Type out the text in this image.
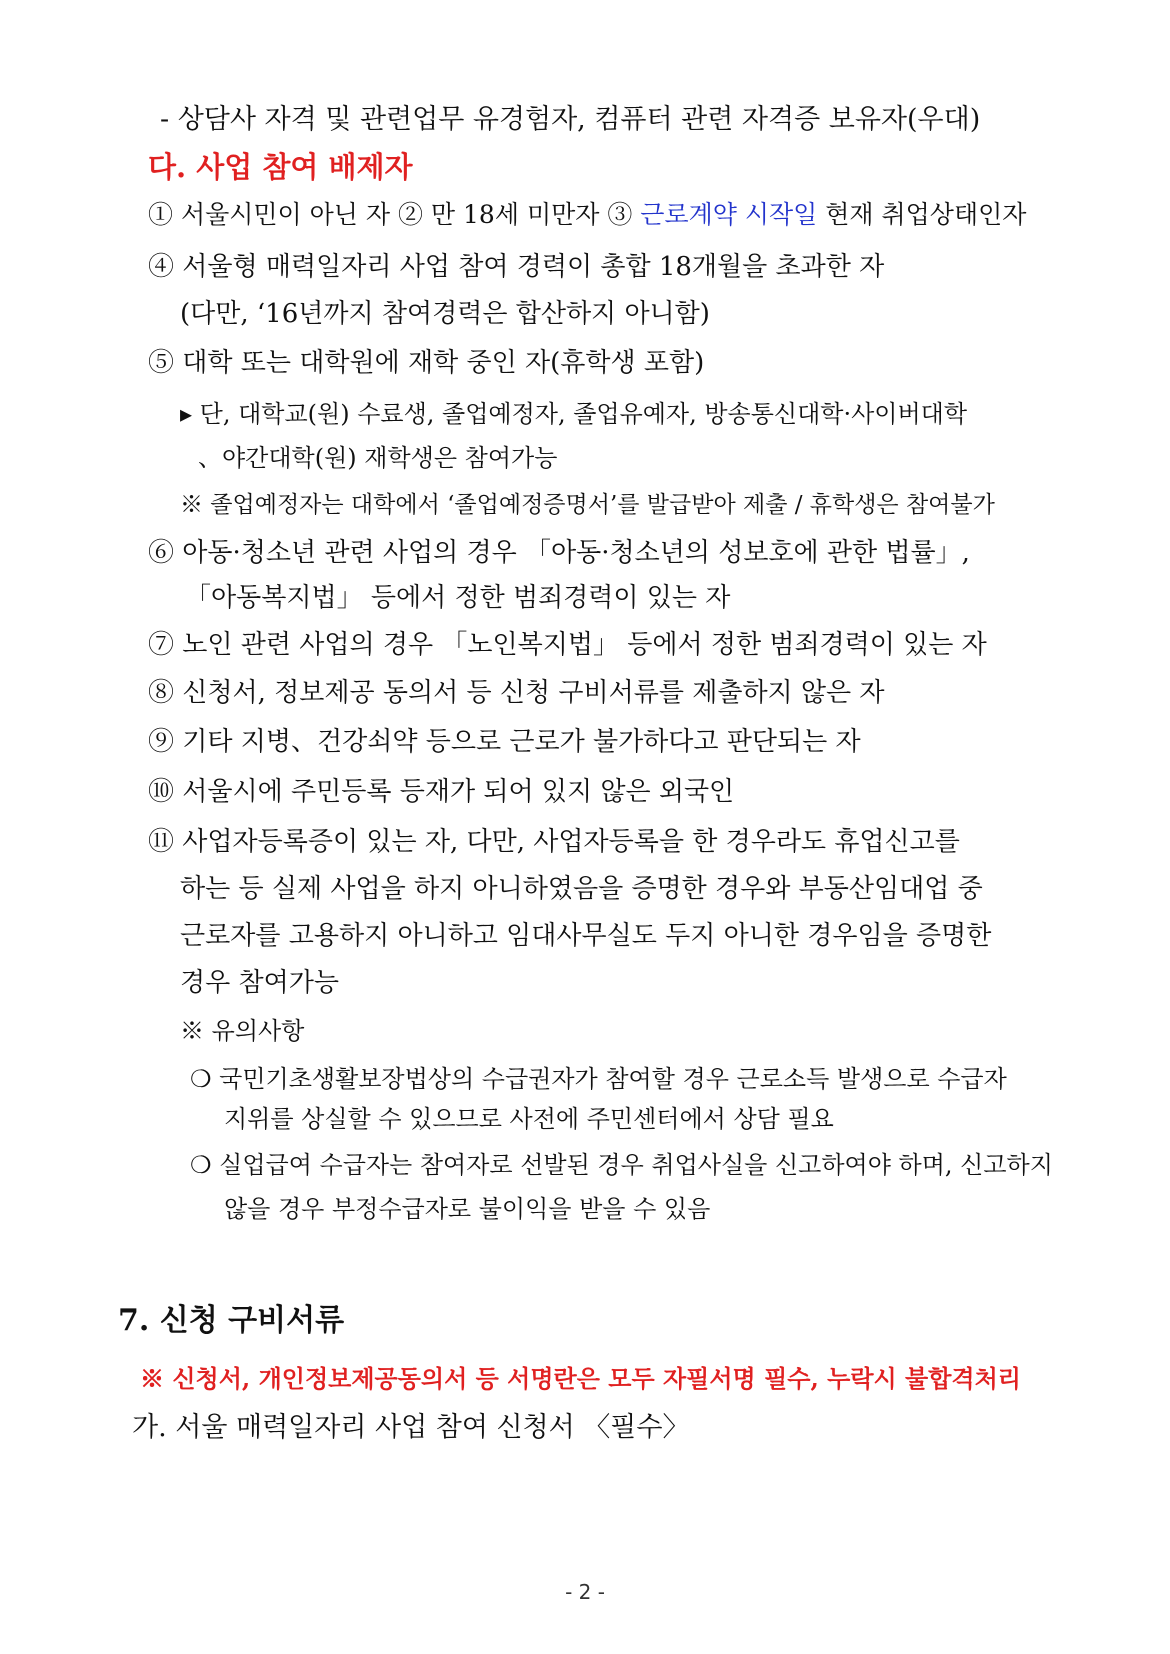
- 상담사 자격 및 관련업무 유경험자, 컴퓨터 관련 자격증 보유자(우대)
다. 사업 참여 배제자
① 서울시민이 아닌 자 ② 만 18세 미만자 ③ 근로계약 시작일 현재 취업상태인자
④ 서울형 매력일자리 사업 참여 경력이 총합 18개월을 초과한 자
(다만, ‘16년까지 참여경력은 합산하지 아니함)
⑤ 대학 또는 대학원에 재학 중인 자(휴학생 포함)
▸ 단, 대학교(원) 수료생, 졸업예정자, 졸업유예자, 방송통신대학·사이버대학
、야간대학(원) 재학생은 참여가능
※ 졸업예정자는 대학에서 ‘졸업예정증명서’를 발급받아 제출 / 휴학생은 참여불가
⑥ 아동·청소년 관련 사업의 경우 「아동·청소년의 성보호에 관한 법률」,
「아동복지법」 등에서 정한 범죄경력이 있는 자
⑦ 노인 관련 사업의 경우 「노인복지법」 등에서 정한 범죄경력이 있는 자
⑧ 신청서, 정보제공 동의서 등 신청 구비서류를 제출하지 않은 자
⑨ 기타 지병、건강쇠약 등으로 근로가 불가하다고 판단되는 자
⑩ 서울시에 주민등록 등재가 되어 있지 않은 외국인
⑪ 사업자등록증이 있는 자, 다만, 사업자등록을 한 경우라도 휴업신고를
하는 등 실제 사업을 하지 아니하였음을 증명한 경우와 부동산임대업 중
근로자를 고용하지 아니하고 임대사무실도 두지 아니한 경우임을 증명한
경우 참여가능
※ 유의사항
❍ 국민기초생활보장법상의 수급권자가 참여할 경우 근로소득 발생으로 수급자
지위를 상실할 수 있으므로 사전에 주민센터에서 상담 필요
❍ 실업급여 수급자는 참여자로 선발된 경우 취업사실을 신고하여야 하며, 신고하지
않을 경우 부정수급자로 불이익을 받을 수 있음
7. 신청 구비서류
※ 신청서, 개인정보제공동의서 등 서명란은 모두 자필서명 필수, 누락시 불합격처리
가. 서울 매력일자리 사업 참여 신청서 〈필수〉
- 2 -
